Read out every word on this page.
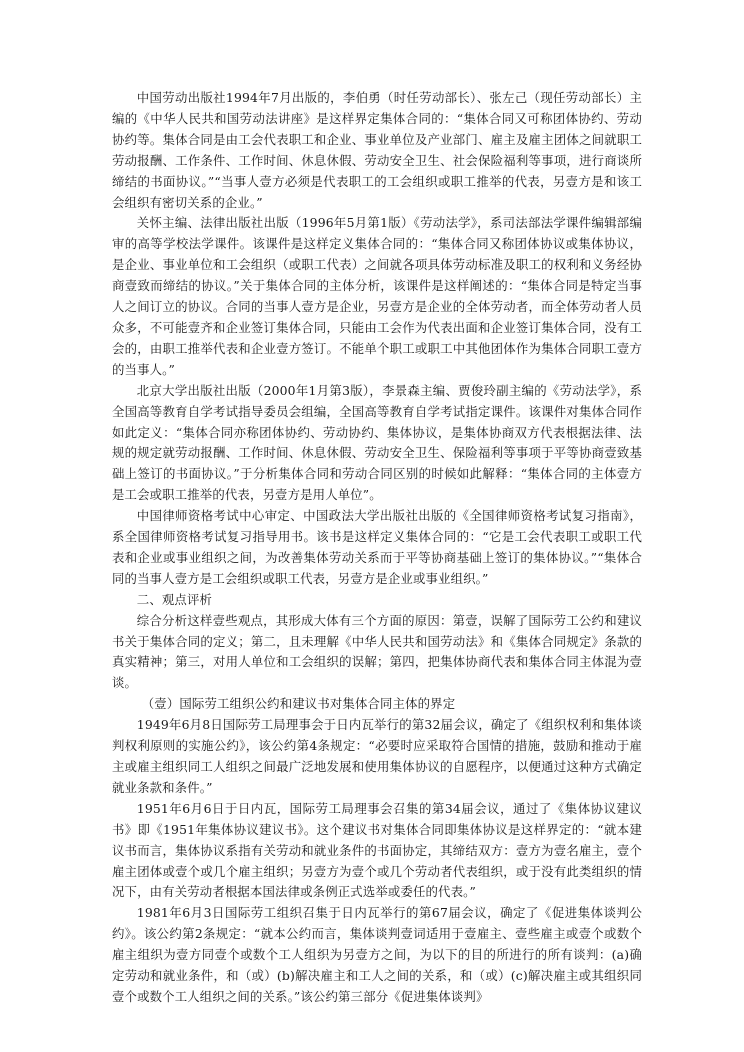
中国劳动出版社1994年7月出版的，李伯勇（时任劳动部长）、张左己（现任劳动部长）主编的《中华人民共和国劳动法讲座》是这样界定集体合同的：“集体合同又可称团体协约、劳动协约等。集体合同是由工会代表职工和企业、事业单位及产业部门、雇主及雇主团体之间就职工劳动报酬、工作条件、工作时间、休息休假、劳动安全卫生、社会保险福利等事项，进行商谈所缔结的书面协议。”“当事人壹方必须是代表职工的工会组织或职工推举的代表，另壹方是和该工会组织有密切关系的企业。”

关怀主编、法律出版社出版（1996年5月第1版）《劳动法学》，系司法部法学课件编辑部编审的高等学校法学课件。该课件是这样定义集体合同的：“集体合同又称团体协议或集体协议，是企业、事业单位和工会组织（或职工代表）之间就各项具体劳动标准及职工的权利和义务经协商壹致而缔结的协议。”关于集体合同的主体分析，该课件是这样阐述的：“集体合同是特定当事人之间订立的协议。合同的当事人壹方是企业，另壹方是企业的全体劳动者，而全体劳动者人员众多，不可能壹齐和企业签订集体合同，只能由工会作为代表出面和企业签订集体合同，没有工会的，由职工推举代表和企业壹方签订。不能单个职工或职工中其他团体作为集体合同职工壹方的当事人。”

北京大学出版社出版（2000年1月第3版），李景森主编、贾俊玲副主编的《劳动法学》，系全国高等教育自学考试指导委员会组编，全国高等教育自学考试指定课件。该课件对集体合同作如此定义：“集体合同亦称团体协约、劳动协约、集体协议，是集体协商双方代表根据法律、法规的规定就劳动报酬、工作时间、休息休假、劳动安全卫生、保险福利等事项于平等协商壹致基础上签订的书面协议。”于分析集体合同和劳动合同区别的时候如此解释：“集体合同的主体壹方是工会或职工推举的代表，另壹方是用人单位”。

中国律师资格考试中心审定、中国政法大学出版社出版的《全国律师资格考试复习指南》，系全国律师资格考试复习指导用书。该书是这样定义集体合同的：“它是工会代表职工或职工代表和企业或事业组织之间，为改善集体劳动关系而于平等协商基础上签订的集体协议。”“集体合同的当事人壹方是工会组织或职工代表，另壹方是企业或事业组织。”

二、观点评析

综合分析这样壹些观点，其形成大体有三个方面的原因：第壹，误解了国际劳工公约和建议书关于集体合同的定义；第二，且未理解《中华人民共和国劳动法》和《集体合同规定》条款的真实精神；第三，对用人单位和工会组织的误解；第四，把集体协商代表和集体合同主体混为壹谈。

（壹）国际劳工组织公约和建议书对集体合同主体的界定

1949年6月8日国际劳工局理事会于日内瓦举行的第32届会议，确定了《组织权利和集体谈判权利原则的实施公约》，该公约第4条规定：“必要时应采取符合国情的措施，鼓励和推动于雇主或雇主组织同工人组织之间最广泛地发展和使用集体协议的自愿程序，以便通过这种方式确定就业条款和条件。”

1951年6月6日于日内瓦，国际劳工局理事会召集的第34届会议，通过了《集体协议建议书》即《1951年集体协议建议书》。这个建议书对集体合同即集体协议是这样界定的：“就本建议书而言，集体协议系指有关劳动和就业条件的书面协定，其缔结双方：壹方为壹名雇主，壹个雇主团体或壹个或几个雇主组织；另壹方为壹个或几个劳动者代表组织，或于没有此类组织的情况下，由有关劳动者根据本国法律或条例正式选举或委任的代表。”

1981年6月3日国际劳工组织召集于日内瓦举行的第67届会议，确定了《促进集体谈判公约》。该公约第2条规定：“就本公约而言，集体谈判壹词适用于壹雇主、壹些雇主或壹个或数个雇主组织为壹方同壹个或数个工人组织为另壹方之间，为以下的目的所进行的所有谈判：(a)确定劳动和就业条件，和（或）(b)解决雇主和工人之间的关系，和（或）(c)解决雇主或其组织同壹个或数个工人组织之间的关系。”该公约第三部分《促进集体谈判》
